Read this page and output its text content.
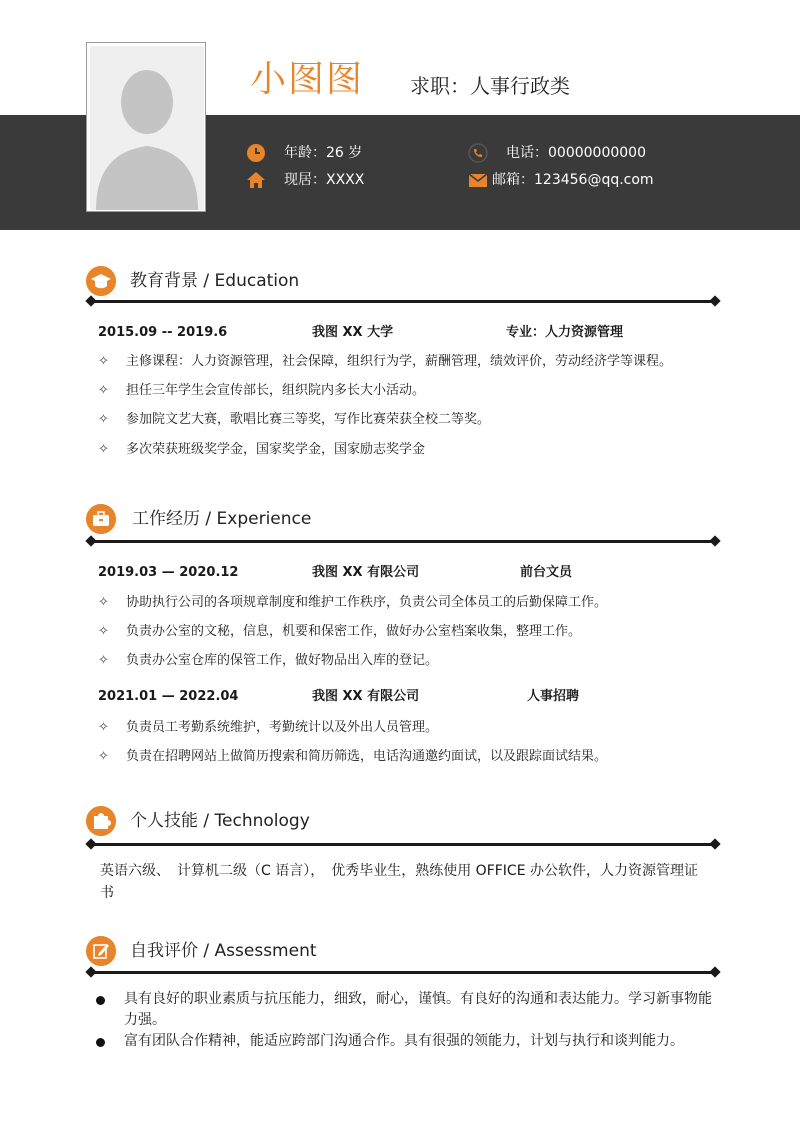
小图图 求职：人事行政类
年龄：26 岁
现居：XXXX
电话：00000000000
邮箱：123456@qq.com
教育背景 / Education
2015.09 -- 2019.6	我图 XX 大学	专业：人力资源管理
✧ 主修课程：人力资源管理，社会保障，组织行为学，薪酬管理，绩效评价，劳动经济学等课程。
✧ 担任三年学生会宣传部长，组织院内多长大小活动。
✧ 参加院文艺大赛，歌唱比赛三等奖，写作比赛荣获全校二等奖。
✧ 多次荣获班级奖学金，国家奖学金，国家励志奖学金
工作经历 / Experience
2019.03 — 2020.12	我图 XX 有限公司	前台文员
✧ 协助执行公司的各项规章制度和维护工作秩序，负责公司全体员工的后勤保障工作。
✧ 负责办公室的文秘，信息，机要和保密工作，做好办公室档案收集，整理工作。
✧ 负责办公室仓库的保管工作，做好物品出入库的登记。
2021.01 — 2022.04	我图 XX 有限公司	人事招聘
✧ 负责员工考勤系统维护，考勤统计以及外出人员管理。
✧ 负责在招聘网站上做简历搜索和简历筛选，电话沟通邀约面试，以及跟踪面试结果。
个人技能 / Technology
英语六级、　计算机二级（C 语言），　优秀毕业生，熟练使用 OFFICE 办公软件，人力资源管理证书
自我评价 / Assessment
具有良好的职业素质与抗压能力，细致，耐心，谨慎。有良好的沟通和表达能力。学习新事物能力强。
富有团队合作精神，能适应跨部门沟通合作。具有很强的领能力，计划与执行和谈判能力。
